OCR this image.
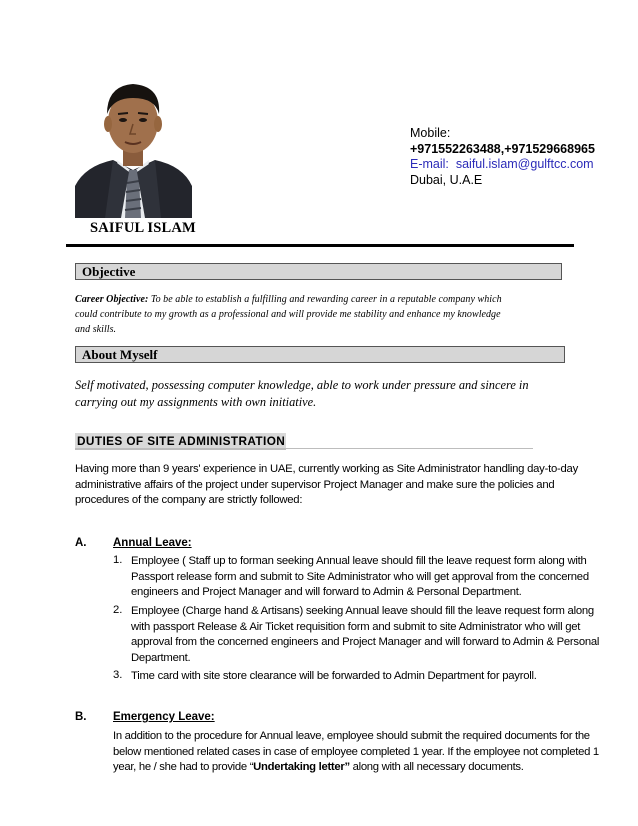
SAIFUL ISLAM
Mobile:
+971552263488,+971529668965
E-mail: saiful.islam@gulftcc.com
Dubai, U.A.E
Objective
Career Objective: To be able to establish a fulfilling and rewarding career in a reputable company which
could contribute to my growth as a professional and will provide me stability and enhance my knowledge
and skills.
About Myself
Self motivated, possessing computer knowledge, able to work under pressure and sincere in
carrying out my assignments with own initiative.
DUTIES OF SITE ADMINISTRATION
Having more than 9 years' experience in UAE, currently working as Site Administrator handling day-to-day
administrative affairs of the project under supervisor Project Manager and make sure the policies and
procedures of the company are strictly followed:
A. Annual Leave:
1. Employee ( Staff up to forman seeking Annual leave should fill the leave request form along with
Passport release form and submit to Site Administrator who will get approval from the concerned
engineers and Project Manager and will forward to Admin & Personal Department.
2. Employee (Charge hand & Artisans) seeking Annual leave should fill the leave request form along
with passport Release & Air Ticket requisition form and submit to site Administrator who will get
approval from the concerned engineers and Project Manager and will forward to Admin & Personal
Department.
3. Time card with site store clearance will be forwarded to Admin Department for payroll.
B. Emergency Leave:
In addition to the procedure for Annual leave, employee should submit the required documents for the
below mentioned related cases in case of employee completed 1 year. If the employee not completed 1
year, he / she had to provide “Undertaking letter” along with all necessary documents.
